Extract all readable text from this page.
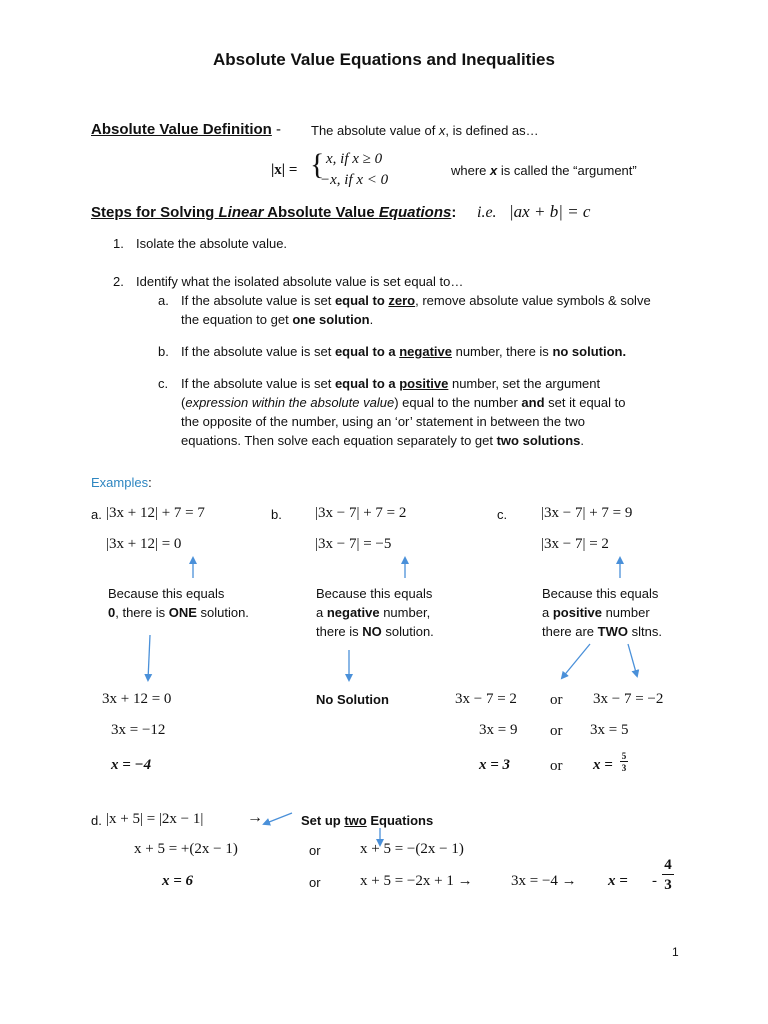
Absolute Value Equations and Inequalities
Absolute Value Definition - The absolute value of x, is defined as…
|x| = { x, if x ≥ 0
−x, if x < 0
where x is called the “argument”
Steps for Solving Linear Absolute Value Equations: i.e. |ax + b| = c
1. Isolate the absolute value.
2. Identify what the isolated absolute value is set equal to…
a. If the absolute value is set equal to zero, remove absolute value symbols & solve
the equation to get one solution.
b. If the absolute value is set equal to a negative number, there is no solution.
c. If the absolute value is set equal to a positive number, set the argument
(expression within the absolute value) equal to the number and set it equal to
the opposite of the number, using an ‘or’ statement in between the two
equations. Then solve each equation separately to get two solutions.
Examples:
a. |3x + 12| + 7 = 7
|3x + 12| = 0
Because this equals
0, there is ONE solution.
3x + 12 = 0
3x = −12
x = −4
b. |3x − 7| + 7 = 2
|3x − 7| = −5
Because this equals
a negative number,
there is NO solution.
No Solution
c. |3x − 7| + 7 = 9
|3x − 7| = 2
Because this equals
a positive number
there are TWO sltns.
3x − 7 = 2 or 3x − 7 = −2
3x = 9 or 3x = 5
x = 3	or x =
5
3
d. |x + 5| = |2x − 1|	→	Set up two Equations
x + 5 = +(2x − 1)	or	x + 5 = −(2x − 1)
x = 6	or	x + 5 = −2x + 1 →	3x = −4 → x = -
4
3
1
